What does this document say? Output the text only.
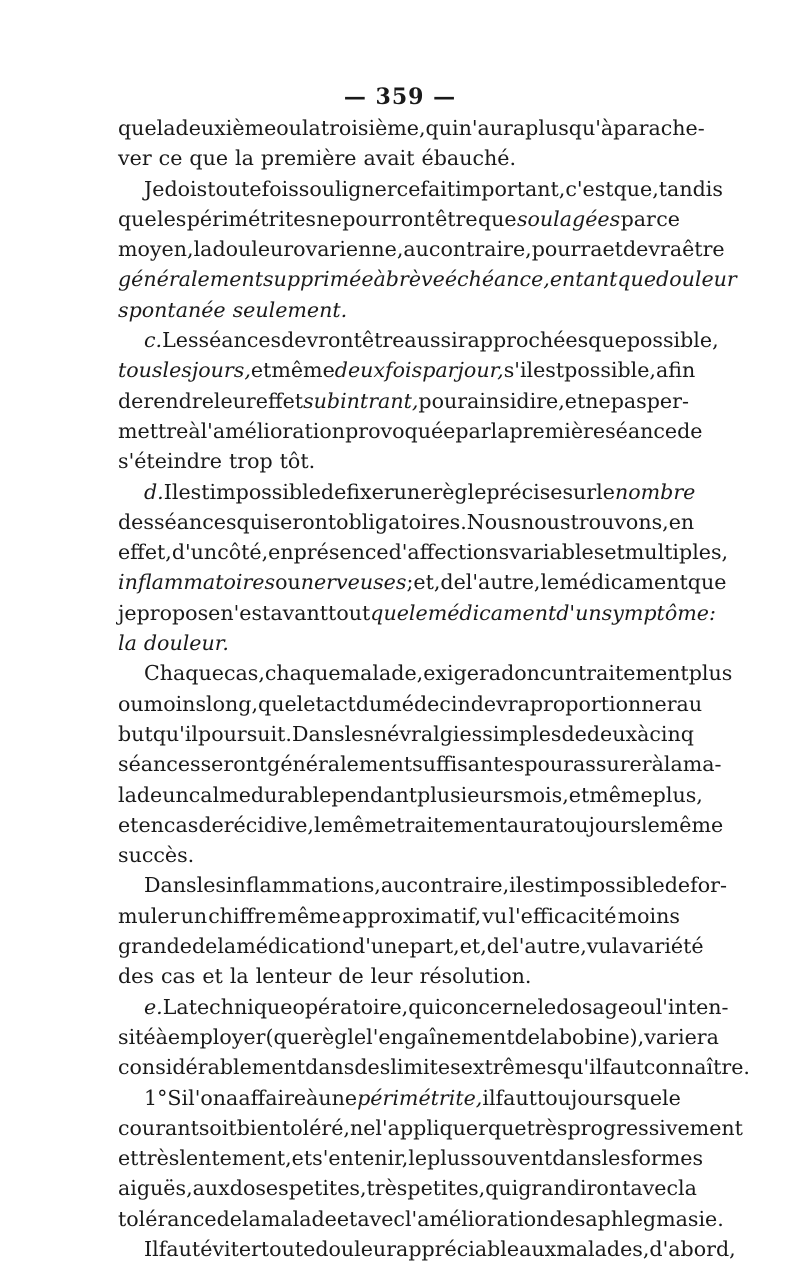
— 359 —
que la deuxième ou la troisième, qui n'aura plus qu'à parache-
ver ce que la première avait ébauché.
Je dois toutefois souligner ce fait important, c'est que, tandis
que les périmétrites ne pourront être que soulagées par ce
moyen, la douleur ovarienne, au contraire, pourra et devra être
généralement supprimée à brève échéance, en tant que douleur
spontanée seulement.
c. Les séances devront être aussi rapprochées que possible,
tous les jours, et même deux fois par jour, s'il est possible, afin
de rendre leur effet subintrant, pour ainsi dire, et ne pas per-
mettre à l'amélioration provoquée par la première séance de
s'éteindre trop tôt.
d. Il est impossible de fixer une règle précise sur le nombre
des séances qui seront obligatoires. Nous nous trouvons, en
effet, d'un côté, en présence d'affections variables et multiples,
inflammatoires ou nerveuses ; et, de l'autre, le médicament que
je propose n'est avant tout que le médicament d'un symptôme :
la douleur.
Chaque cas, chaque malade, exigera donc un traitement plus
ou moins long, que le tact du médecin devra proportionner au
but qu'il poursuit. Dans les névralgies simples de deux à cinq
séances seront généralement suffisantes pour assurer à la ma-
lade un calme durable pendant plusieurs mois, et même plus,
et en cas de récidive, le même traitement aura toujours le même
succès.
Dans les inflammations, au contraire, il est impossible de for-
muler un chiffre même approximatif, vu l'efficacité moins
grande de la médication d'une part, et, de l'autre, vu la variété
des cas et la lenteur de leur résolution.
e. La technique opératoire, qui concerne le dosage ou l'inten-
sité à employer (que règle l'engaînement de la bobine), variera
considérablement dans des limites extrêmes qu'il faut connaître.
1° Si l'on a affaire à une périmétrite, il faut toujours que le
courant soit bien toléré, ne l'appliquer que très progressivement
et très lentement, et s'en tenir, le plus souvent dans les formes
aiguës, aux doses petites, très petites, qui grandiront avec la
tolérance de la malade et avec l'amélioration de sa phlegmasie.
Il faut éviter toute douleur appréciable aux malades, d'abord,
